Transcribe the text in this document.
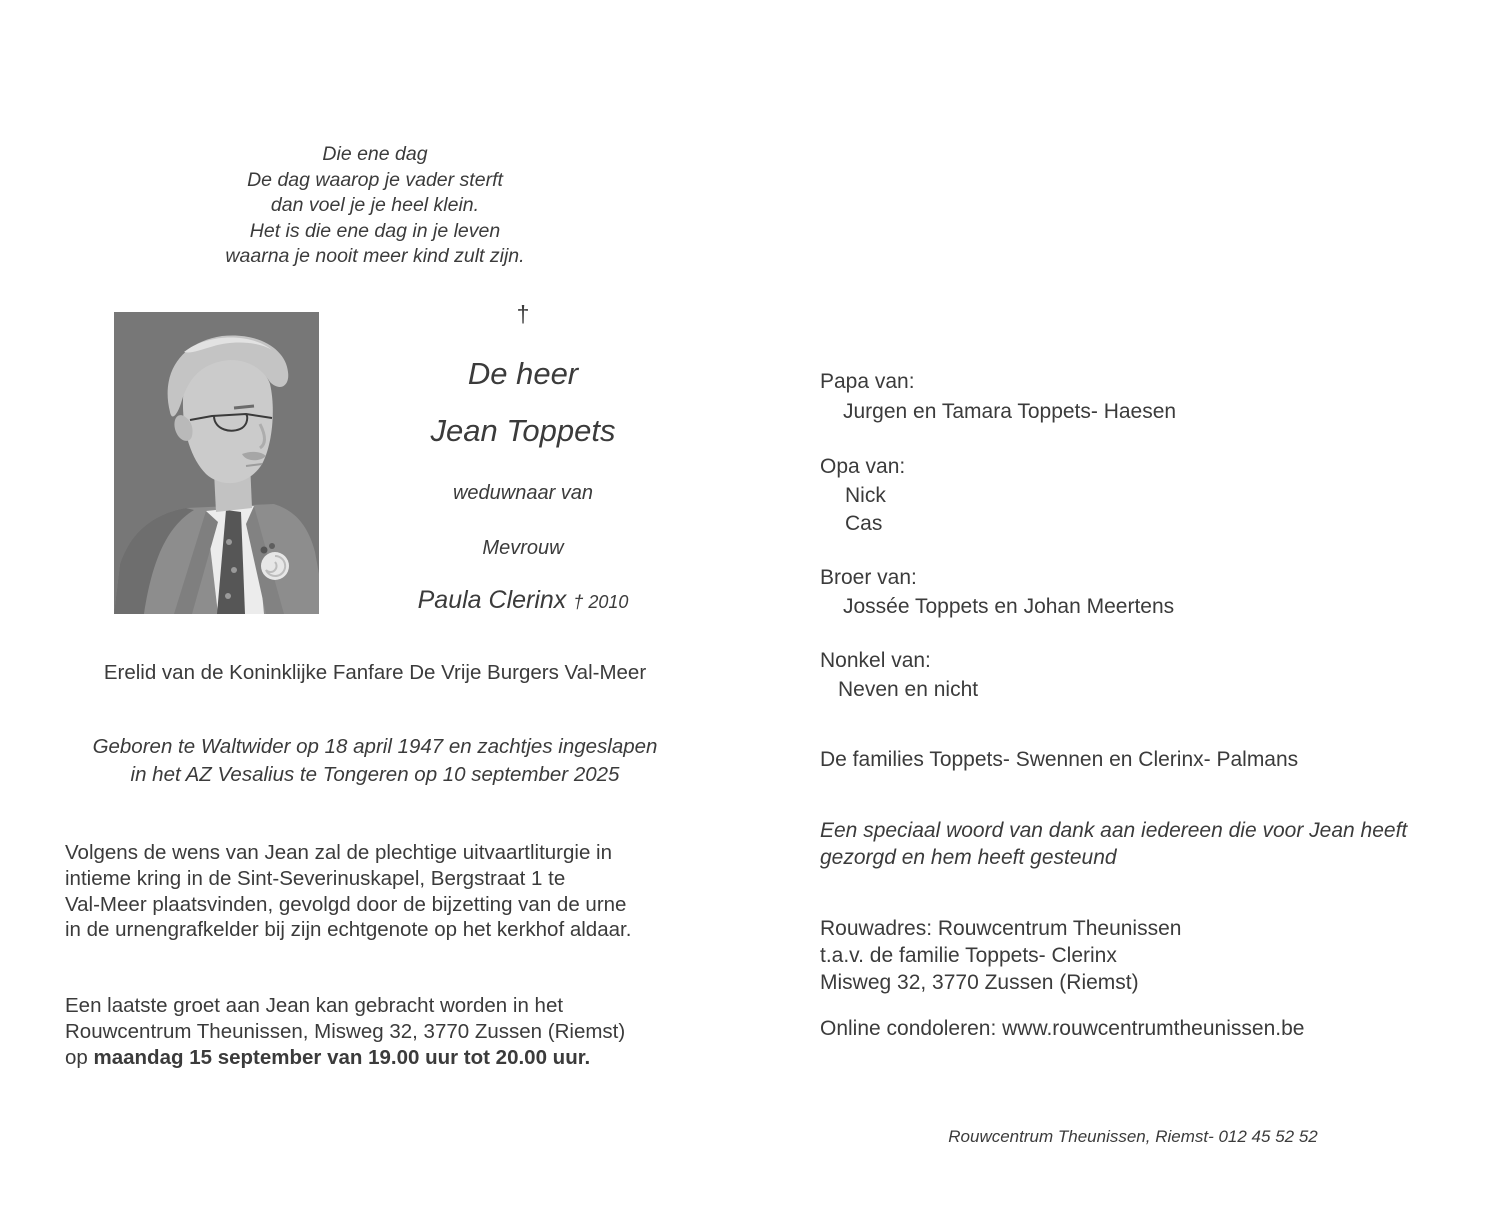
Die ene dag
De dag waarop je vader sterft
dan voel je je heel klein.
Het is die ene dag in je leven
waarna je nooit meer kind zult zijn.
†
De heer
Jean Toppets
weduwnaar van
Mevrouw
Paula Clerinx † 2010
Erelid van de Koninklijke Fanfare De Vrije Burgers Val-Meer
Geboren te Waltwider op 18 april 1947 en zachtjes ingeslapen
in het AZ Vesalius te Tongeren op 10 september 2025
Volgens de wens van Jean zal de plechtige uitvaartliturgie in
intieme kring in de Sint-Severinuskapel, Bergstraat 1 te
Val-Meer plaatsvinden, gevolgd door de bijzetting van de urne
in de urnengrafkelder bij zijn echtgenote op het kerkhof aldaar.
Een laatste groet aan Jean kan gebracht worden in het
Rouwcentrum Theunissen, Misweg 32, 3770 Zussen (Riemst)
op maandag 15 september van 19.00 uur tot 20.00 uur.
Papa van:
Jurgen en Tamara Toppets- Haesen
Opa van:
Nick
Cas
Broer van:
Jossée Toppets en Johan Meertens
Nonkel van:
Neven en nicht
De families Toppets- Swennen en Clerinx- Palmans
Een speciaal woord van dank aan iedereen die voor Jean heeft
gezorgd en hem heeft gesteund
Rouwadres: Rouwcentrum Theunissen
t.a.v. de familie Toppets- Clerinx
Misweg 32, 3770 Zussen (Riemst)
Online condoleren: www.rouwcentrumtheunissen.be
Rouwcentrum Theunissen, Riemst- 012 45 52 52
